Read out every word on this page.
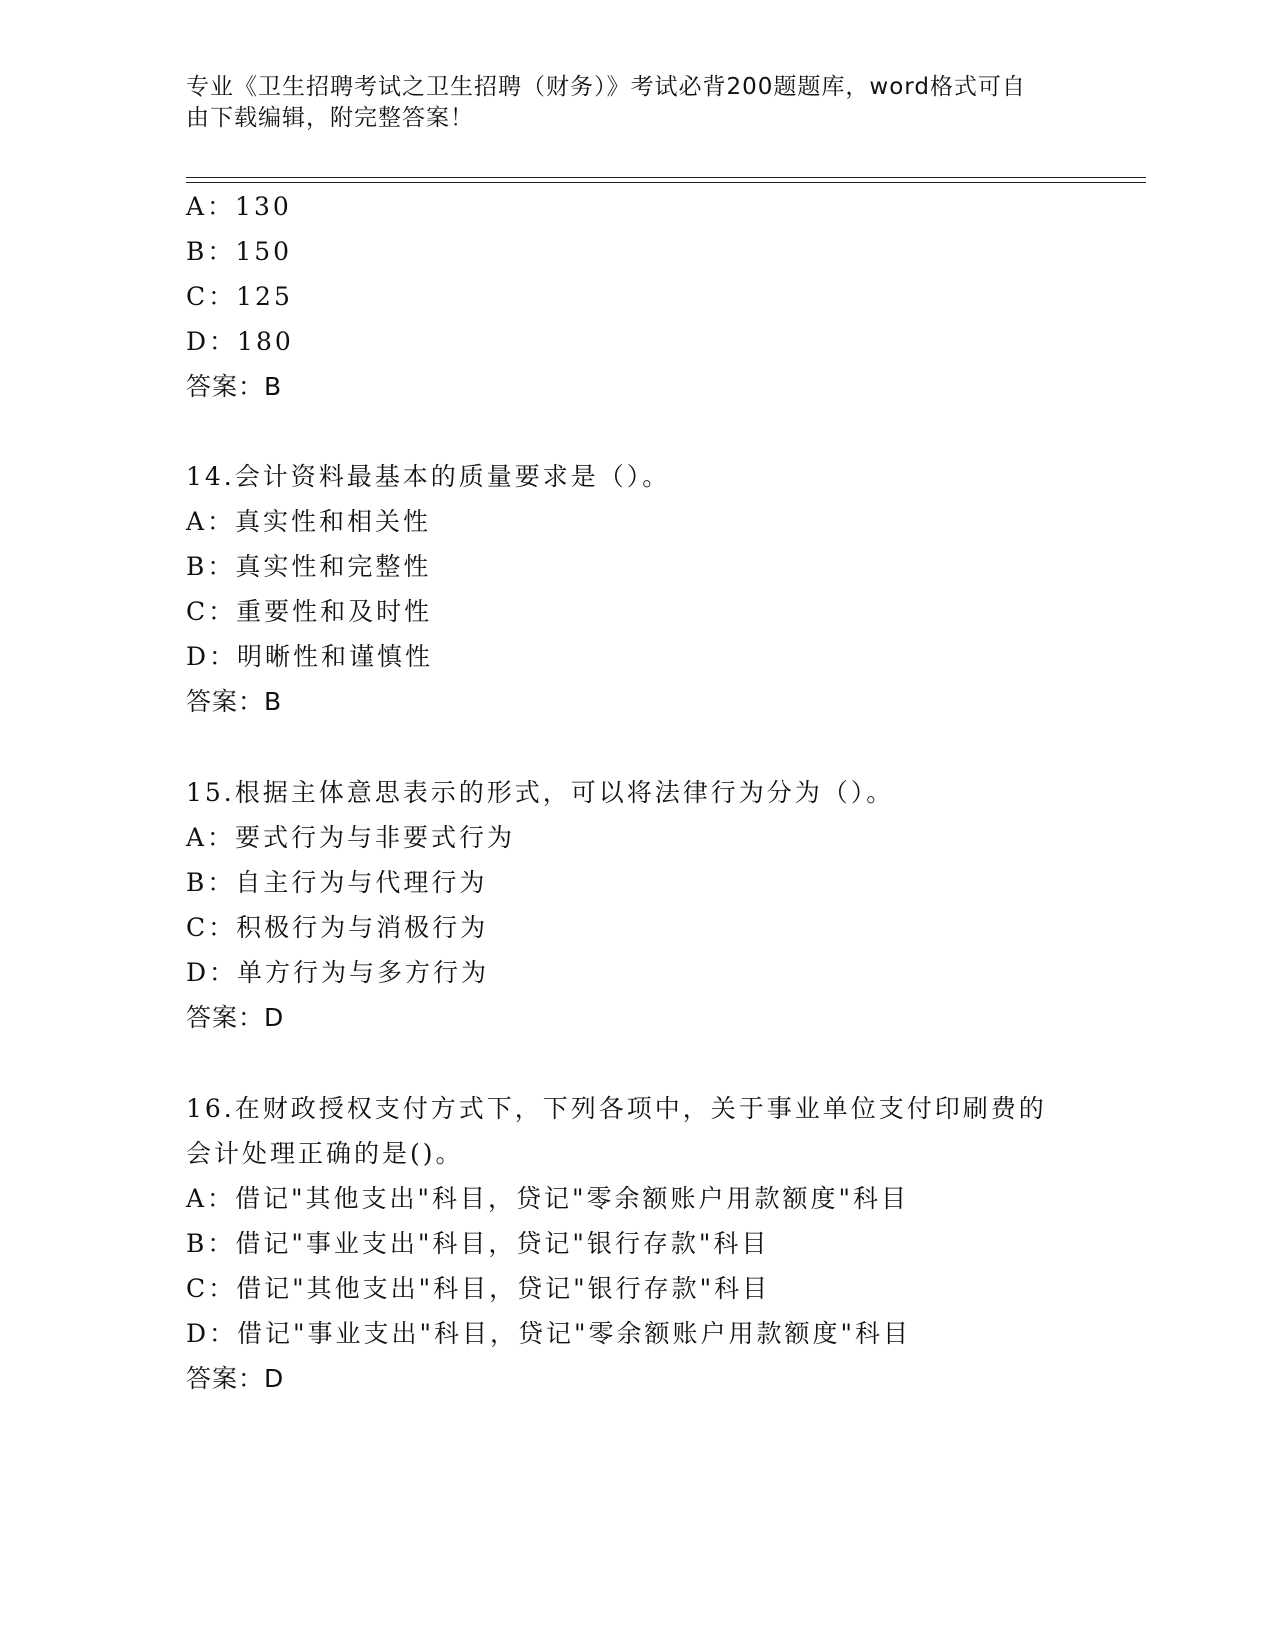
专业《卫生招聘考试之卫生招聘（财务）》考试必背200题题库，word格式可自
由下载编辑，附完整答案！
A：130
B：150
C：125
D：180
答案：B
14.会计资料最基本的质量要求是（）。
A：真实性和相关性
B：真实性和完整性
C：重要性和及时性
D：明晰性和谨慎性
答案：B
15.根据主体意思表示的形式，可以将法律行为分为（）。
A：要式行为与非要式行为
B：自主行为与代理行为
C：积极行为与消极行为
D：单方行为与多方行为
答案：D
16.在财政授权支付方式下，下列各项中，关于事业单位支付印刷费的
会计处理正确的是()。
A：借记"其他支出"科目，贷记"零余额账户用款额度"科目
B：借记"事业支出"科目，贷记"银行存款"科目
C：借记"其他支出"科目，贷记"银行存款"科目
D：借记"事业支出"科目，贷记"零余额账户用款额度"科目
答案：D
